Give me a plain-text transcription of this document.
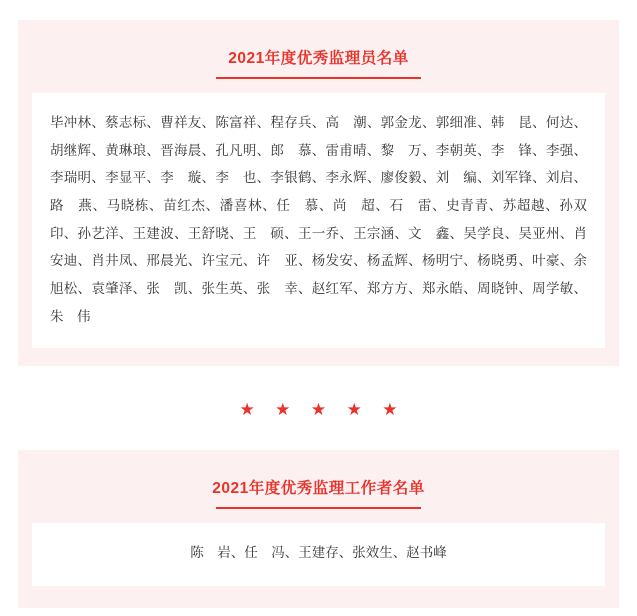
2021年度优秀监理员名单
毕冲林、蔡志标、曹祥友、陈富祥、程存兵、高　潮、郭金龙、郭细准、韩　昆、何达、胡继辉、黄琳琅、晋海晨、孔凡明、郎　慕、雷甫晴、黎　万、李朝英、李　锋、李强、李瑞明、李显平、李　璇、李　也、李银鹤、李永辉、廖俊毅、刘　编、刘军锋、刘启、路　燕、马晓栋、苗红杰、潘喜林、任　慕、尚　超、石　雷、史青青、苏超越、孙双印、孙艺洋、王建波、王舒晓、王　硕、王一乔、王宗涵、文　鑫、吴学良、吴亚州、肖安迪、肖井凤、邢晨光、许宝元、许　亚、杨发安、杨孟辉、杨明宁、杨晓勇、叶豪、余旭松、袁肇泽、张　凯、张生英、张　幸、赵红军、郑方方、郑永皓、周晓钟、周学敏、朱　伟
★ ★ ★ ★ ★
2021年度优秀监理工作者名单
陈　岩、任　冯、王建存、张效生、赵书峰
